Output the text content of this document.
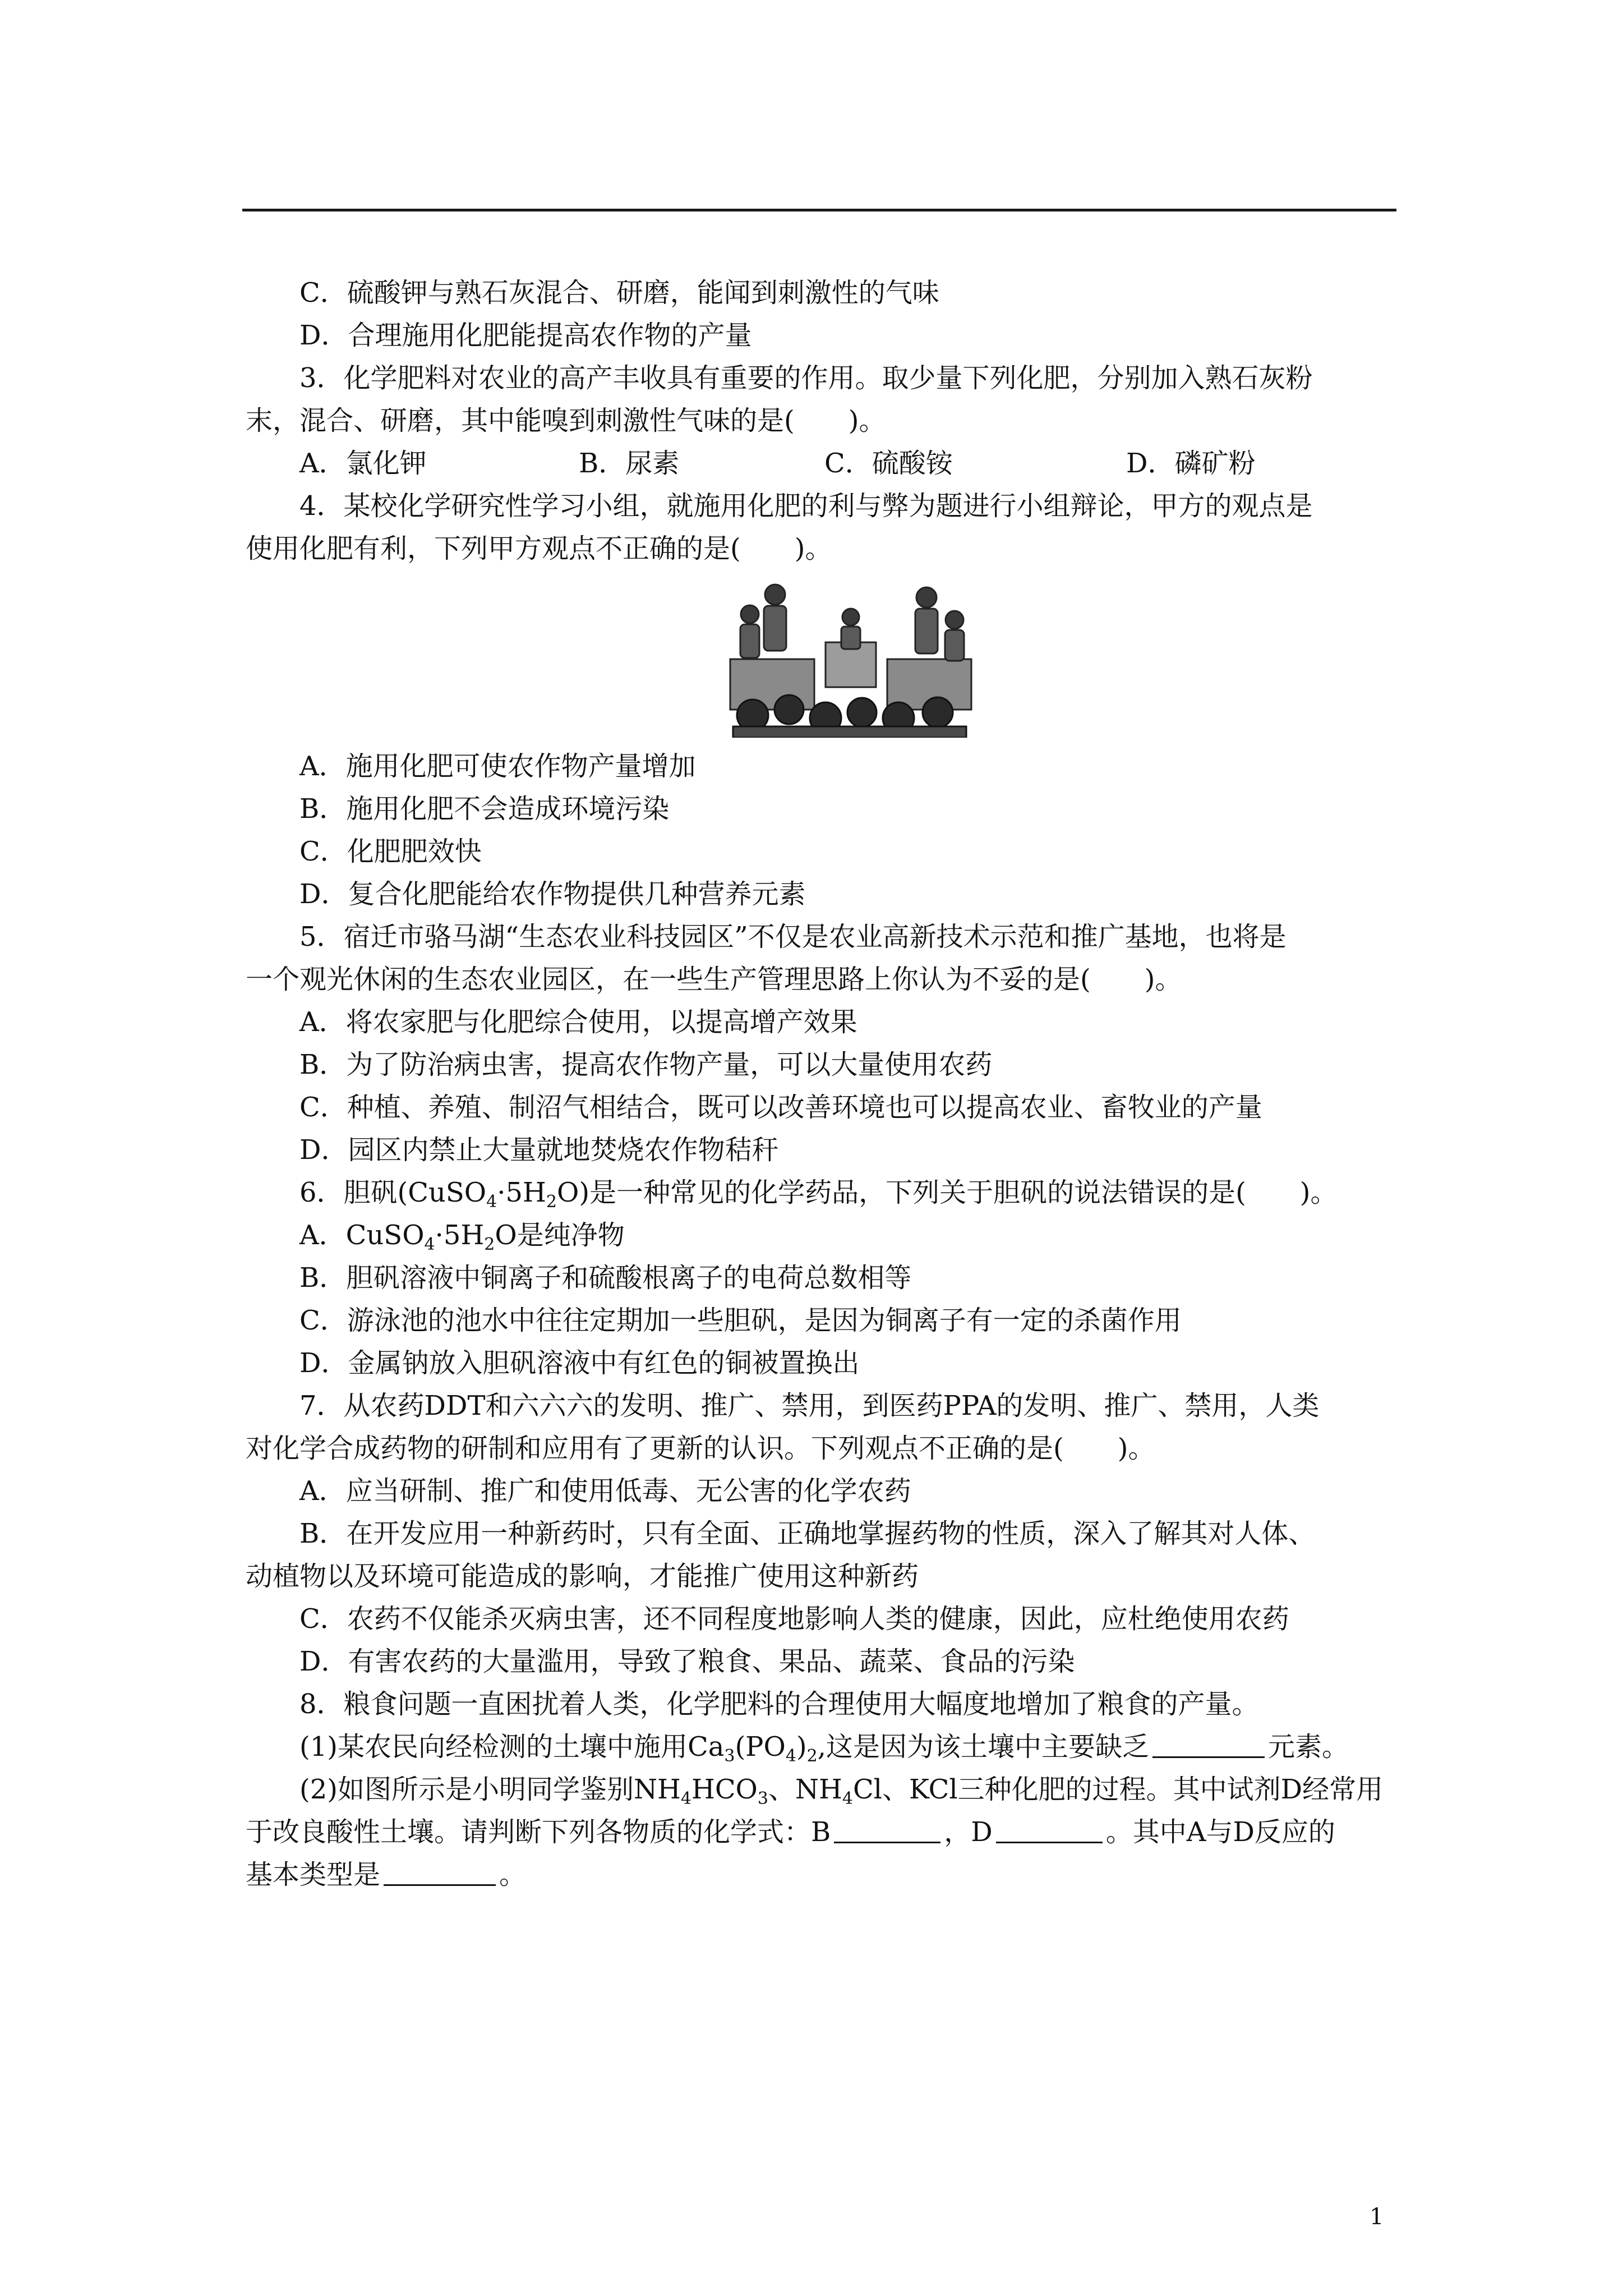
C．硫酸钾与熟石灰混合、研磨，能闻到刺激性的气味
D．合理施用化肥能提高农作物的产量
3．化学肥料对农业的高产丰收具有重要的作用。取少量下列化肥，分别加入熟石灰粉
末，混合、研磨，其中能嗅到刺激性气味的是(　　)。
A．氯化钾	B．尿素	C．硫酸铵	D．磷矿粉
4．某校化学研究性学习小组，就施用化肥的利与弊为题进行小组辩论，甲方的观点是
使用化肥有利，下列甲方观点不正确的是(　　)。
A．施用化肥可使农作物产量增加
B．施用化肥不会造成环境污染
C．化肥肥效快
D．复合化肥能给农作物提供几种营养元素
5．宿迁市骆马湖“生态农业科技园区”不仅是农业高新技术示范和推广基地，也将是
一个观光休闲的生态农业园区，在一些生产管理思路上你认为不妥的是(　　)。
A．将农家肥与化肥综合使用，以提高增产效果
B．为了防治病虫害，提高农作物产量，可以大量使用农药
C．种植、养殖、制沼气相结合，既可以改善环境也可以提高农业、畜牧业的产量
D．园区内禁止大量就地焚烧农作物秸秆
6．胆矾$(CuSO_4\cdot 5H_2O)$是一种常见的化学药品，下列关于胆矾的说法错误的是(　　)。
A．$CuSO_4\cdot 5H_2O$是纯净物
B．胆矾溶液中铜离子和硫酸根离子的电荷总数相等
C．游泳池的池水中往往定期加一些胆矾，是因为铜离子有一定的杀菌作用
D．金属钠放入胆矾溶液中有红色的铜被置换出
7．从农药DDT和六六六的发明、推广、禁用，到医药PPA的发明、推广、禁用，人类
对化学合成药物的研制和应用有了更新的认识。下列观点不正确的是(　　)。
A．应当研制、推广和使用低毒、无公害的化学农药
B．在开发应用一种新药时，只有全面、正确地掌握药物的性质，深入了解其对人体、
动植物以及环境可能造成的影响，才能推广使用这种新药
C．农药不仅能杀灭病虫害，还不同程度地影响人类的健康，因此，应杜绝使用农药
D．有害农药的大量滥用，导致了粮食、果品、蔬菜、食品的污染
8．粮食问题一直困扰着人类，化学肥料的合理使用大幅度地增加了粮食的产量。
(1)某农民向经检测的土壤中施用$Ca_3(PO_4)_2$,这是因为该土壤中主要缺乏	元素。
(2)如图所示是小明同学鉴别$NH_4HCO_3$、$NH_4Cl$、KCl三种化肥的过程。其中试剂D经常用
于改良酸性土壤。请判断下列各物质的化学式：B	，D	。其中A与D反应的
基本类型是	。
1
